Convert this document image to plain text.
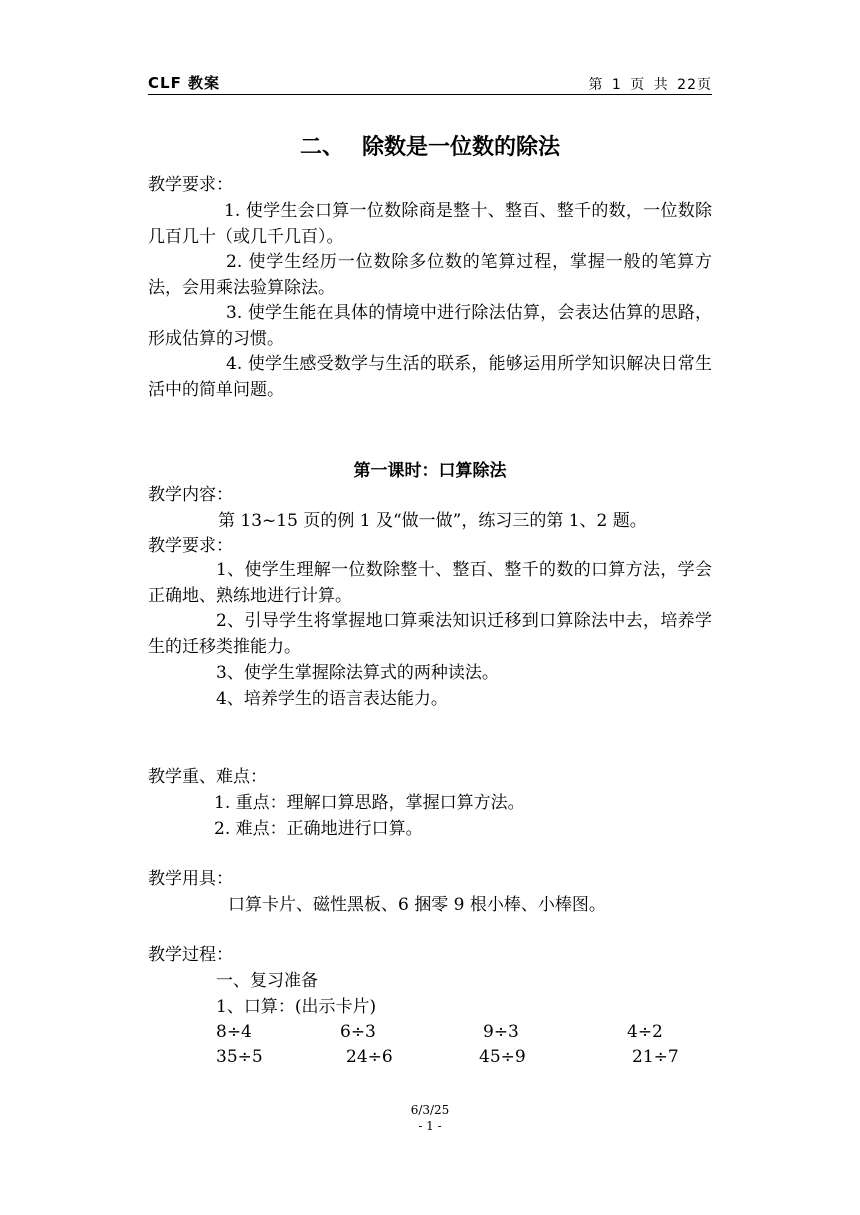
CLF 教案	第 1 页 共 22页
二、 除数是一位数的除法
教学要求：
1. 使学生会口算一位数除商是整十、整百、整千的数，一位数除几百几十（或几千几百）。
2. 使学生经历一位数除多位数的笔算过程，掌握一般的笔算方法，会用乘法验算除法。
3. 使学生能在具体的情境中进行除法估算，会表达估算的思路，形成估算的习惯。
4. 使学生感受数学与生活的联系，能够运用所学知识解决日常生活中的简单问题。
第一课时：口算除法
教学内容：
第 13~15 页的例 1 及“做一做”，练习三的第 1、2 题。
教学要求：
1、使学生理解一位数除整十、整百、整千的数的口算方法，学会正确地、熟练地进行计算。
2、引导学生将掌握地口算乘法知识迁移到口算除法中去，培养学生的迁移类推能力。
3、使学生掌握除法算式的两种读法。
4、培养学生的语言表达能力。
教学重、难点：
1. 重点：理解口算思路，掌握口算方法。
2. 难点：正确地进行口算。
教学用具：
口算卡片、磁性黑板、6 捆零 9 根小棒、小棒图。
教学过程：
一、复习准备
1、口算：(出示卡片)
8÷4	6÷3	9÷3	4÷2
35÷5	24÷6	45÷9	21÷7
6/3/25
- 1 -
